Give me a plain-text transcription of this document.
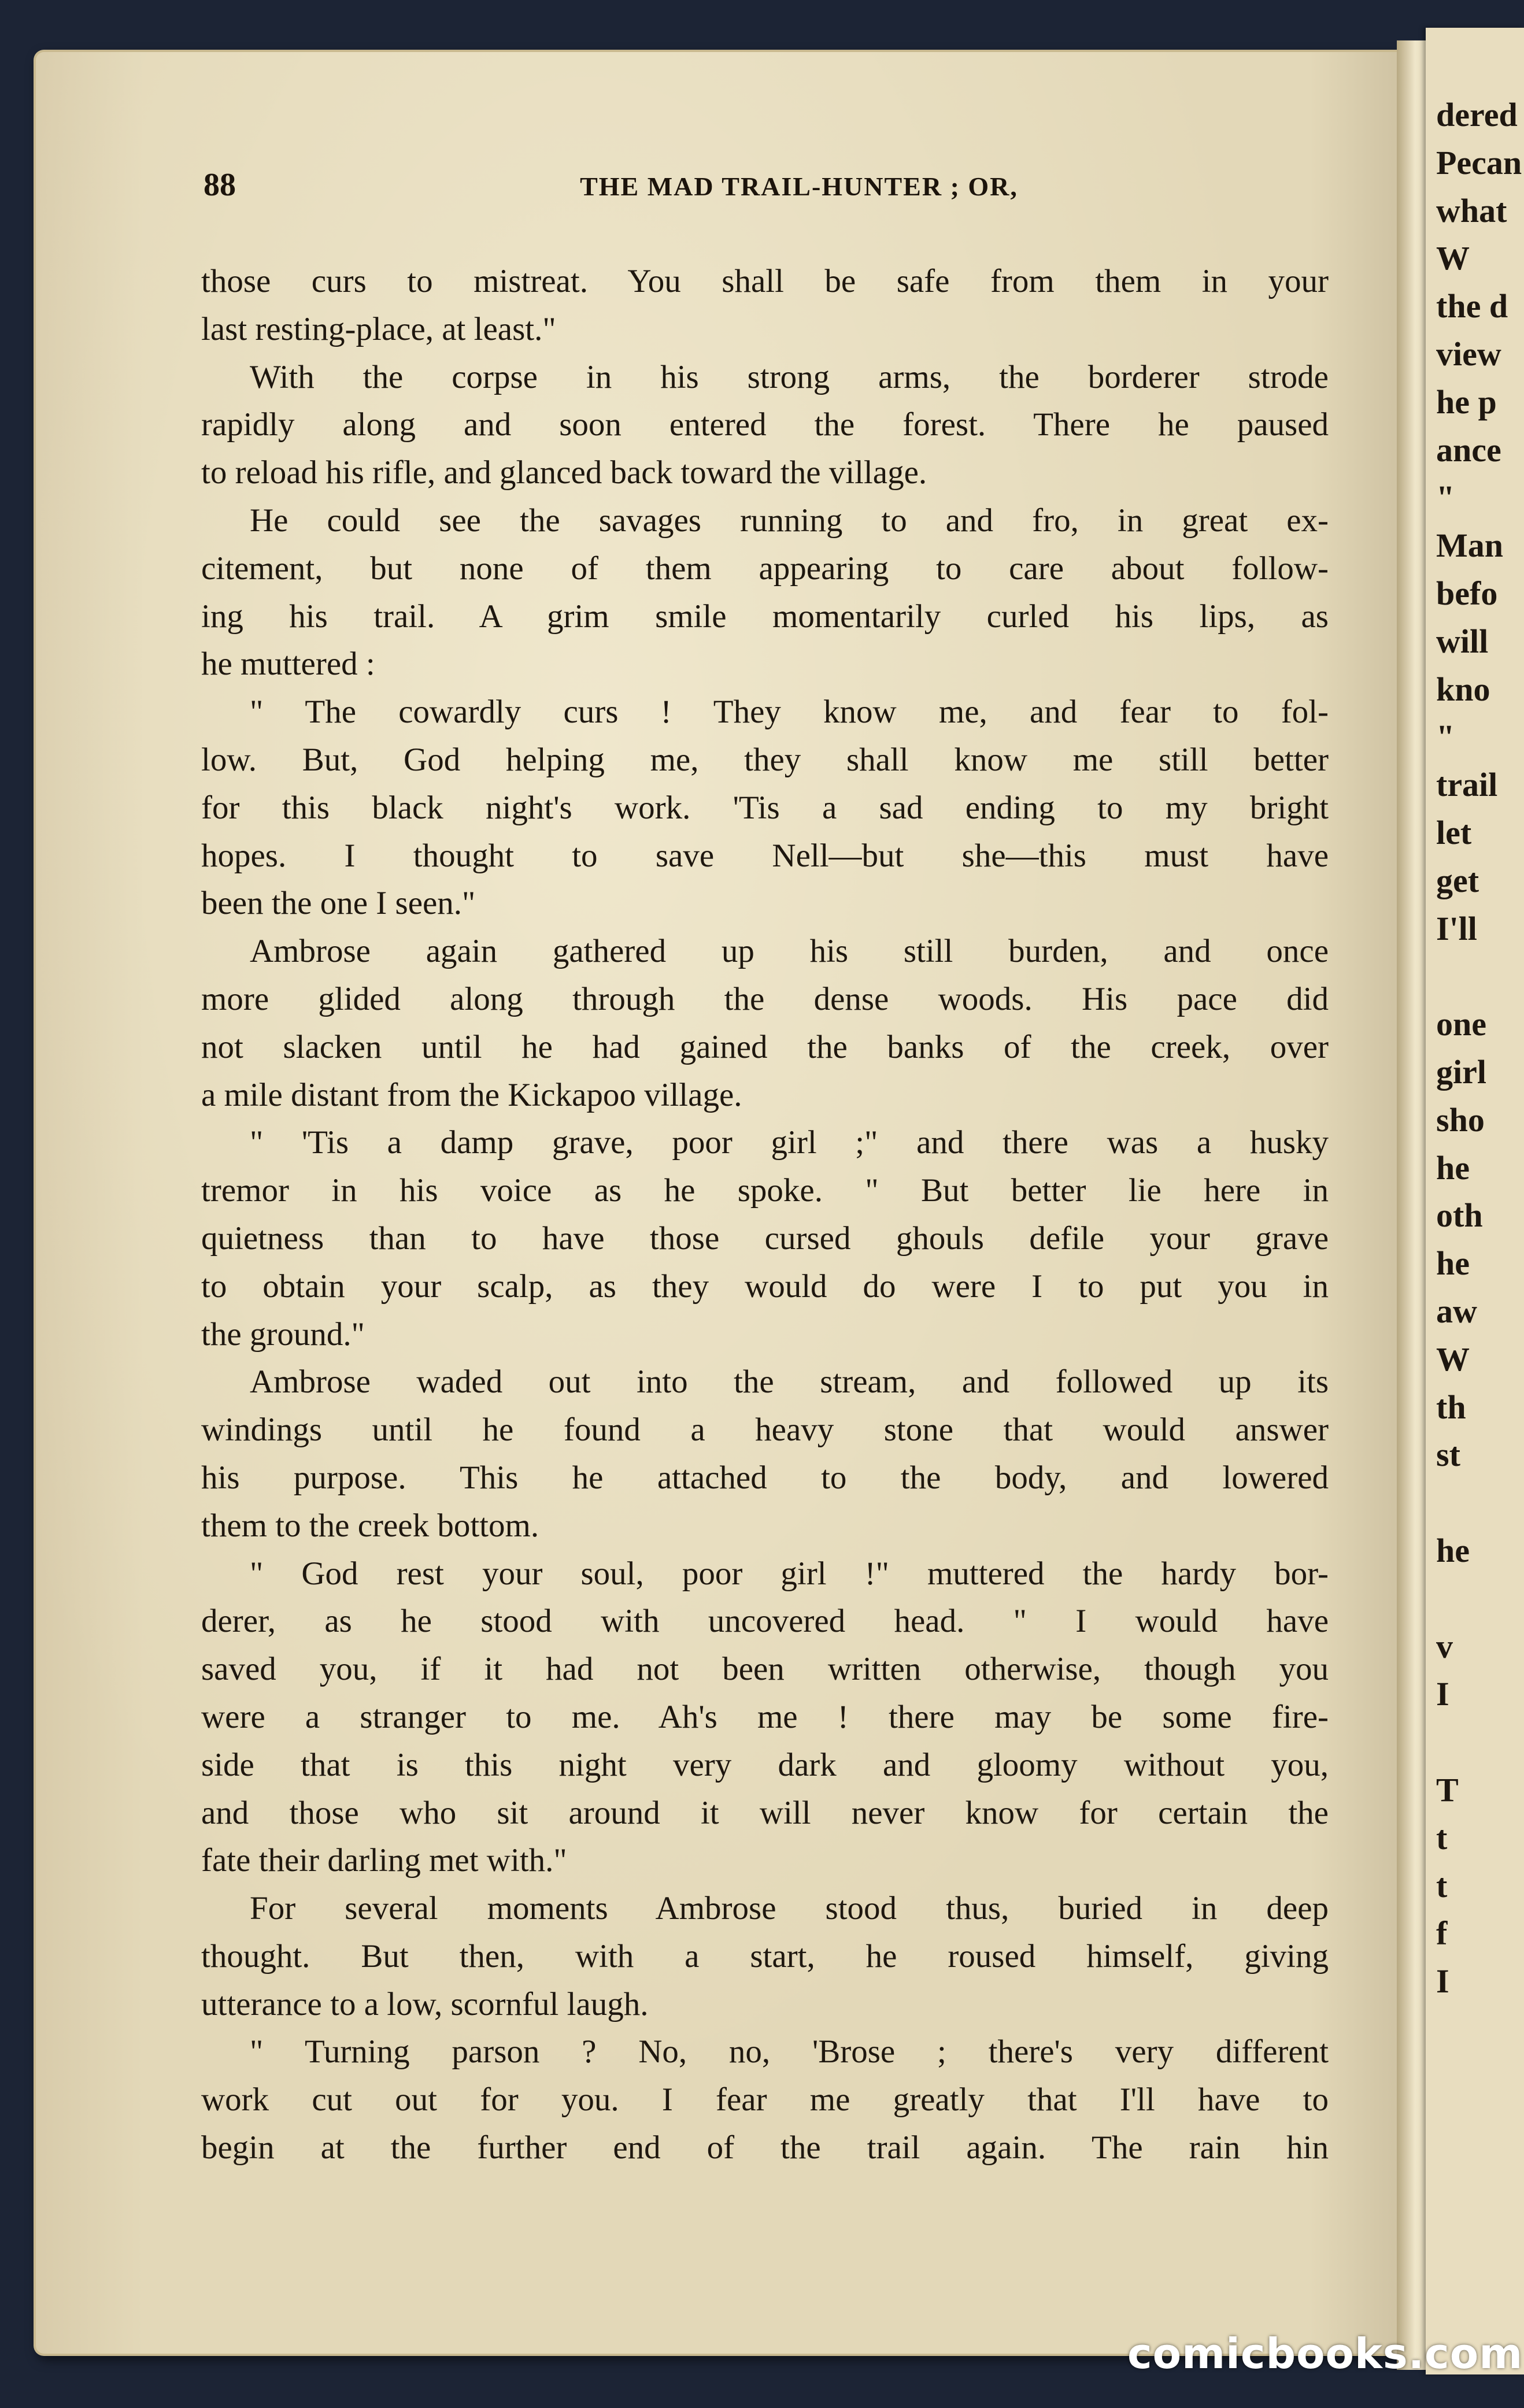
dered
Pecan
what
W
the d
view
he p
ance
"
Man
befo
will
kno
"
trail
let
get
I'll
one
girl
sho
he
oth
he
aw
W
th
st
he
v
I
T
t
t
f
I
88	THE MAD TRAIL-HUNTER ; OR,
those curs to mistreat. You shall be safe from them in your
last resting-place, at least."
With the corpse in his strong arms, the borderer strode
rapidly along and soon entered the forest. There he paused
to reload his rifle, and glanced back toward the village.
He could see the savages running to and fro, in great ex-
citement, but none of them appearing to care about follow-
ing his trail. A grim smile momentarily curled his lips, as
he muttered :
" The cowardly curs ! They know me, and fear to fol-
low. But, God helping me, they shall know me still better
for this black night's work. 'Tis a sad ending to my bright
hopes. I thought to save Nell—but she—this must have
been the one I seen."
Ambrose again gathered up his still burden, and once
more glided along through the dense woods. His pace did
not slacken until he had gained the banks of the creek, over
a mile distant from the Kickapoo village.
" 'Tis a damp grave, poor girl ;" and there was a husky
tremor in his voice as he spoke. " But better lie here in
quietness than to have those cursed ghouls defile your grave
to obtain your scalp, as they would do were I to put you in
the ground."
Ambrose waded out into the stream, and followed up its
windings until he found a heavy stone that would answer
his purpose. This he attached to the body, and lowered
them to the creek bottom.
" God rest your soul, poor girl !" muttered the hardy bor-
derer, as he stood with uncovered head. " I would have
saved you, if it had not been written otherwise, though you
were a stranger to me. Ah's me ! there may be some fire-
side that is this night very dark and gloomy without you,
and those who sit around it will never know for certain the
fate their darling met with."
For several moments Ambrose stood thus, buried in deep
thought. But then, with a start, he roused himself, giving
utterance to a low, scornful laugh.
" Turning parson ? No, no, 'Brose ; there's very different
work cut out for you. I fear me greatly that I'll have to
begin at the further end of the trail again. The rain hin
comicbooks.com
